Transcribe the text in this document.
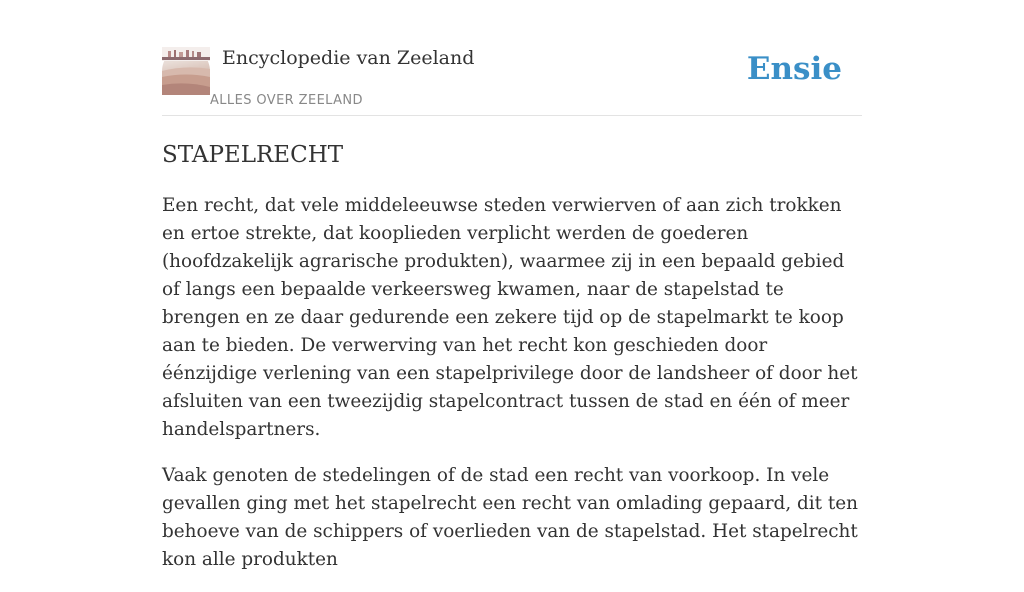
Encyclopedie van Zeeland
ALLES OVER ZEELAND
Ensie
STAPELRECHT

Een recht, dat vele middeleeuwse steden verwierven of aan zich trokken en ertoe strekte, dat kooplieden verplicht werden de goederen (hoofdzakelijk agrarische produkten), waarmee zij in een bepaald gebied of langs een bepaalde verkeersweg kwamen, naar de stapelstad te brengen en ze daar gedurende een zekere tijd op de stapelmarkt te koop aan te bieden. De verwerving van het recht kon geschieden door éénzijdige verlening van een stapelprivilege door de landsheer of door het afsluiten van een tweezijdig stapelcontract tussen de stad en één of meer handelspartners.

Vaak genoten de stedelingen of de stad een recht van voorkoop. In vele gevallen ging met het stapelrecht een recht van omlading gepaard, dit ten behoeve van de schippers of voerlieden van de stapelstad. Het stapelrecht kon alle produkten
